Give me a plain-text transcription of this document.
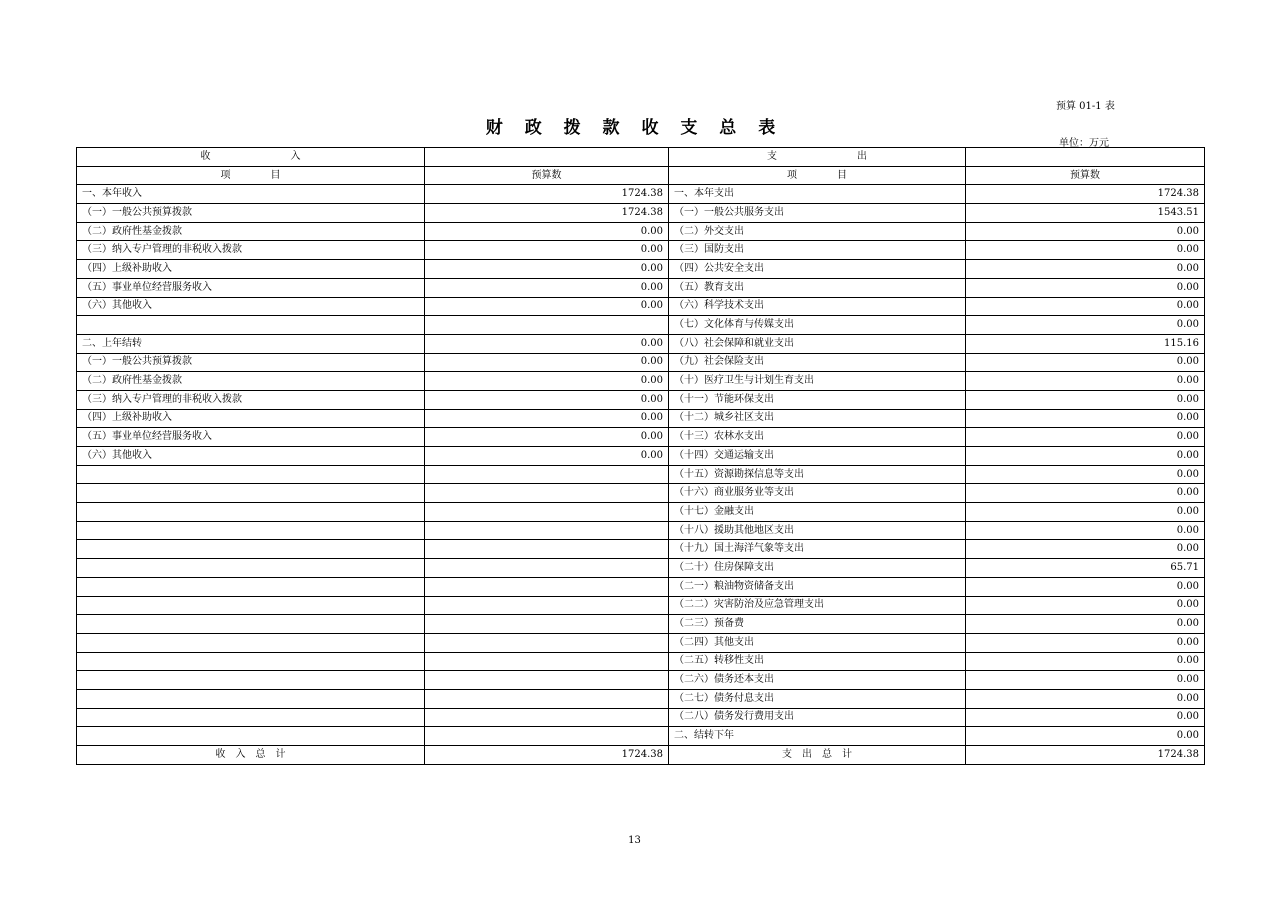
预算 01-1 表
财 政 拨 款 收 支 总 表
单位：万元
收　　　　　　　　入		支　　　　　　　　出	
项　　　　目	预算数	项　　　　目	预算数
一、本年收入	1724.38	一、本年支出	1724.38
（一）一般公共预算拨款	1724.38	（一）一般公共服务支出	1543.51
（二）政府性基金拨款	0.00	（二）外交支出	0.00
（三）纳入专户管理的非税收入拨款	0.00	（三）国防支出	0.00
（四）上级补助收入	0.00	（四）公共安全支出	0.00
（五）事业单位经营服务收入	0.00	（五）教育支出	0.00
（六）其他收入	0.00	（六）科学技术支出	0.00
		（七）文化体育与传媒支出	0.00
二、上年结转	0.00	（八）社会保障和就业支出	115.16
（一）一般公共预算拨款	0.00	（九）社会保险支出	0.00
（二）政府性基金拨款	0.00	（十）医疗卫生与计划生育支出	0.00
（三）纳入专户管理的非税收入拨款	0.00	（十一）节能环保支出	0.00
（四）上级补助收入	0.00	（十二）城乡社区支出	0.00
（五）事业单位经营服务收入	0.00	（十三）农林水支出	0.00
（六）其他收入	0.00	（十四）交通运输支出	0.00
		（十五）资源勘探信息等支出	0.00
		（十六）商业服务业等支出	0.00
		（十七）金融支出	0.00
		（十八）援助其他地区支出	0.00
		（十九）国土海洋气象等支出	0.00
		（二十）住房保障支出	65.71
		（二一）粮油物资储备支出	0.00
		（二二）灾害防治及应急管理支出	0.00
		（二三）预备费	0.00
		（二四）其他支出	0.00
		（二五）转移性支出	0.00
		（二六）债务还本支出	0.00
		（二七）债务付息支出	0.00
		（二八）债务发行费用支出	0.00
		二、结转下年	0.00
收　入　总　计	1724.38	支　出　总　计	1724.38
13
